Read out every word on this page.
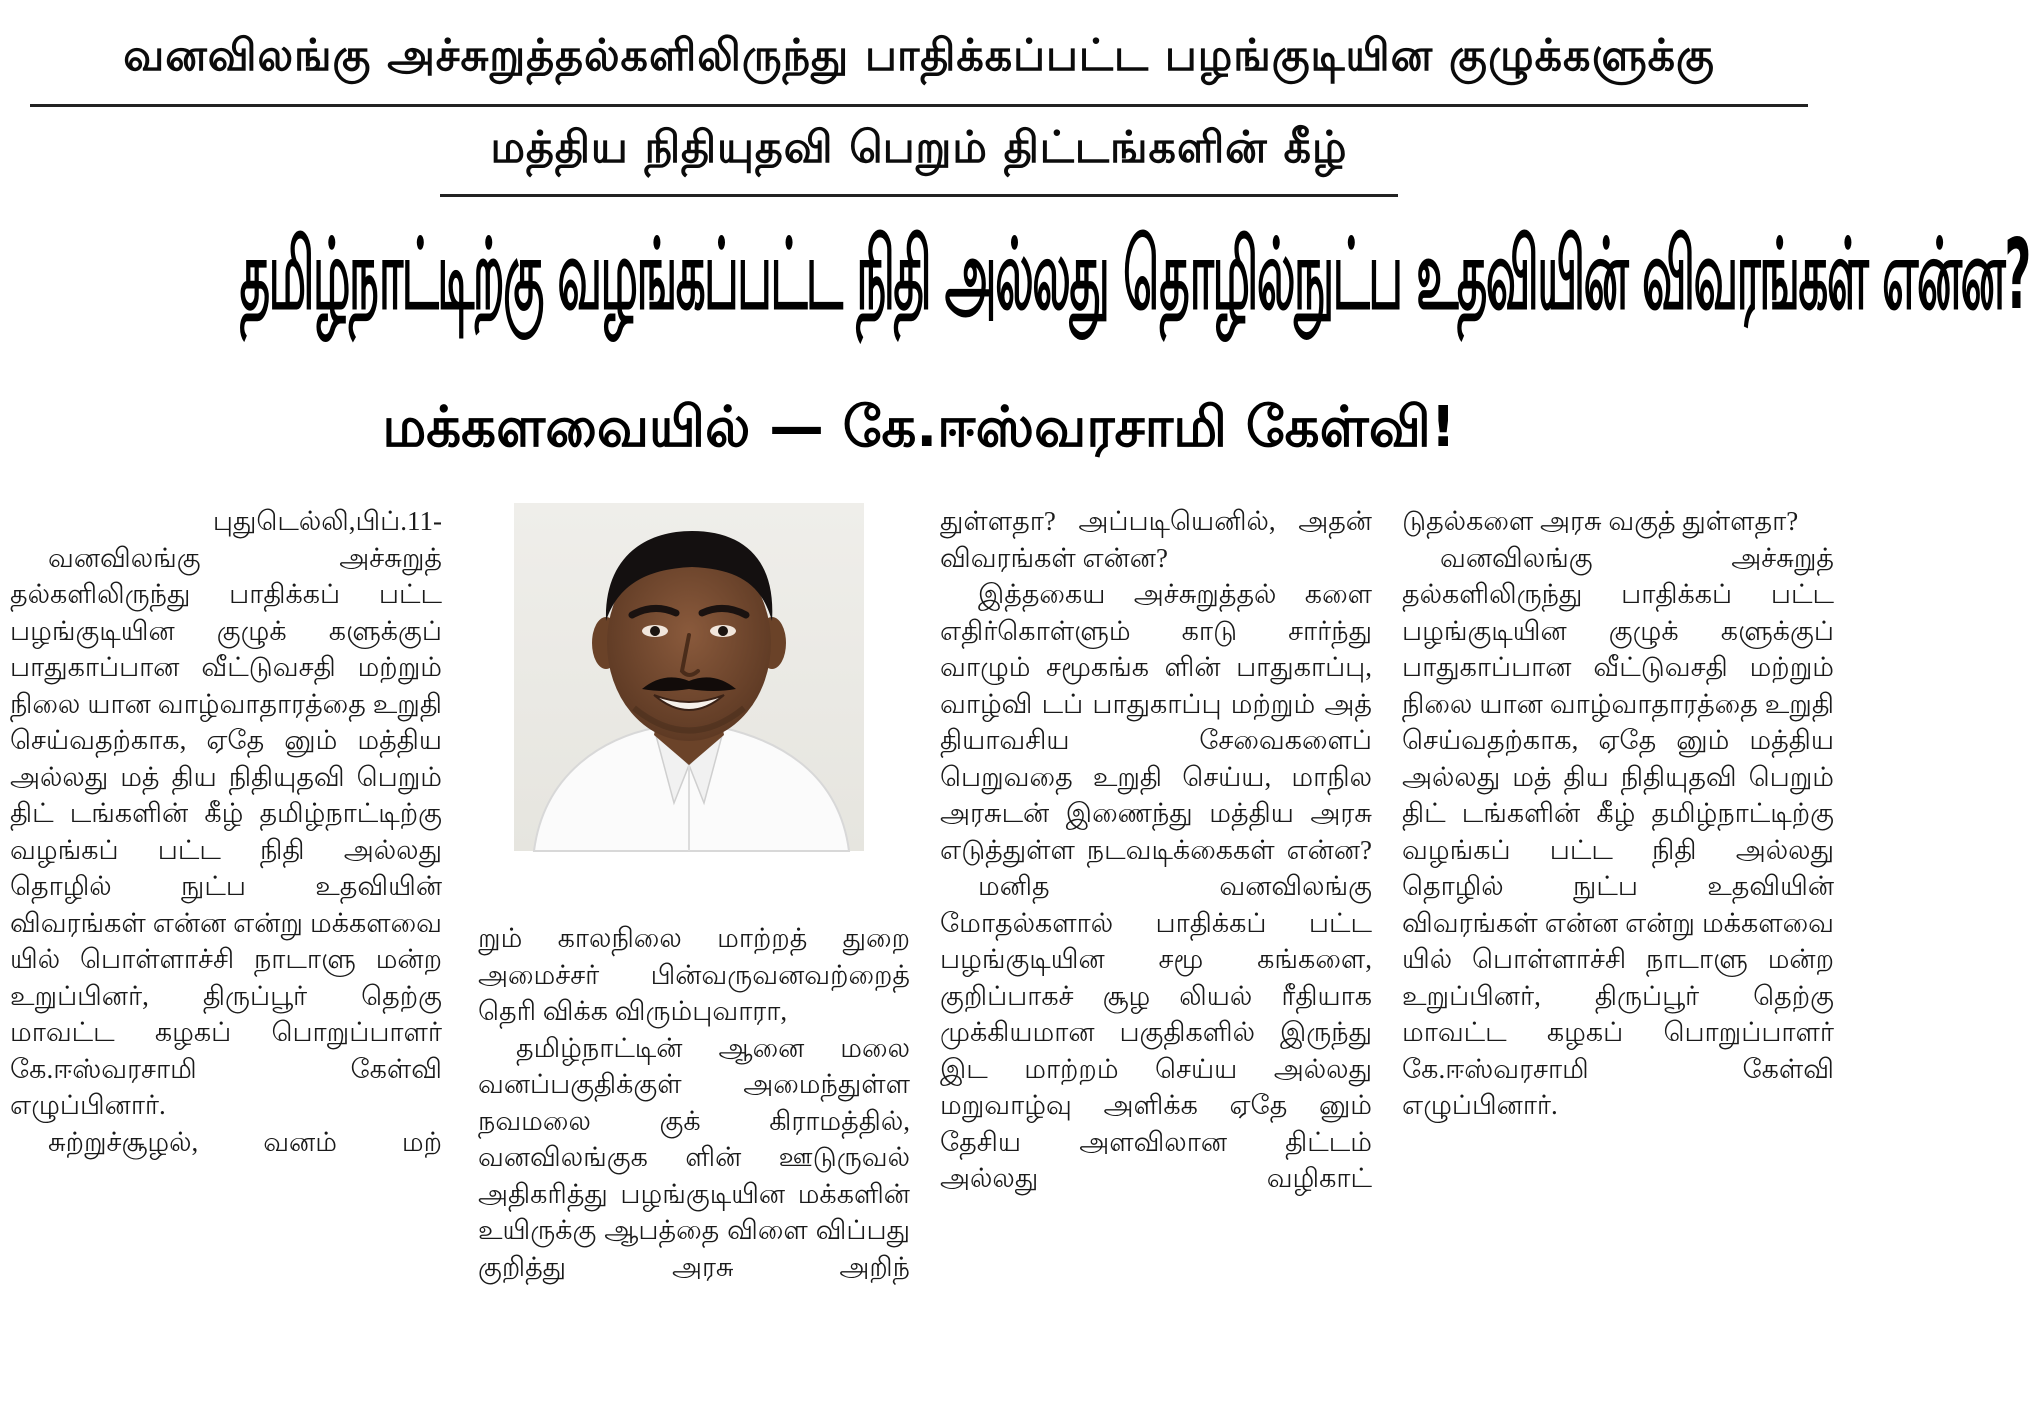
வனவிலங்கு அச்சுறுத்தல்களிலிருந்து பாதிக்கப்பட்ட பழங்குடியின குழுக்களுக்கு
மத்திய நிதியுதவி பெறும் திட்டங்களின் கீழ்
தமிழ்நாட்டிற்கு வழங்கப்பட்ட நிதி அல்லது தொழில்நுட்ப உதவியின் விவரங்கள் என்ன?
மக்களவையில் — கே.ஈஸ்வரசாமி கேள்வி!

புதுடெல்லி,பிப்.11-

வனவிலங்கு அச்சுறுத் தல்களிலிருந்து பாதிக்கப் பட்ட பழங்குடியின குழுக் களுக்குப் பாதுகாப்பான வீட்டுவசதி மற்றும் நிலை யான வாழ்வாதாரத்தை உறுதி செய்வதற்காக, ஏதே னும் மத்திய அல்லது மத் திய நிதியுதவி பெறும் திட் டங்களின் கீழ் தமிழ்நாட்டிற்கு வழங்கப் பட்ட நிதி அல்லது தொழில் நுட்ப உதவியின் விவரங்கள் என்ன என்று மக்களவை யில் பொள்ளாச்சி நாடாளு மன்ற உறுப்பினர், திருப்பூர் தெற்கு மாவட்ட கழகப் பொறுப்பாளர் கே.ஈஸ்வரசாமி கேள்வி எழுப்பினார்.

சுற்றுச்சூழல், வனம் மற்

றும் காலநிலை மாற்றத் துறை அமைச்சர் பின்வருவனவற்றைத் தெரி விக்க விரும்புவாரா,

தமிழ்நாட்டின் ஆனை மலை வனப்பகுதிக்குள் அமைந்துள்ள நவமலை குக் கிராமத்தில், வனவிலங்குக ளின் ஊடுருவல் அதிகரித்து பழங்குடியின மக்களின் உயிருக்கு ஆபத்தை விளை விப்பது குறித்து அரசு அறிந்

துள்ளதா? அப்படியெனில், அதன் விவரங்கள் என்ன?

இத்தகைய அச்சுறுத்தல் களை எதிர்கொள்ளும் காடு சார்ந்து வாழும் சமூகங்க ளின் பாதுகாப்பு, வாழ்வி டப் பாதுகாப்பு மற்றும் அத் தியாவசிய சேவைகளைப் பெறுவதை உறுதி செய்ய, மாநில அரசுடன் இணைந்து மத்திய அரசு எடுத்துள்ள நடவடிக்கைகள் என்ன?

மனித வனவிலங்கு மோதல்களால் பாதிக்கப் பட்ட பழங்குடியின சமூ கங்களை, குறிப்பாகச் சூழ லியல் ரீதியாக முக்கியமான பகுதிகளில் இருந்து இட மாற்றம் செய்ய அல்லது மறுவாழ்வு அளிக்க ஏதே னும் தேசிய அளவிலான திட்டம் அல்லது வழிகாட்

டுதல்களை அரசு வகுத் துள்ளதா?

வனவிலங்கு அச்சுறுத் தல்களிலிருந்து பாதிக்கப் பட்ட பழங்குடியின குழுக் களுக்குப் பாதுகாப்பான வீட்டுவசதி மற்றும் நிலை யான வாழ்வாதாரத்தை உறுதி செய்வதற்காக, ஏதே னும் மத்திய அல்லது மத் திய நிதியுதவி பெறும் திட் டங்களின் கீழ் தமிழ்நாட்டிற்கு வழங்கப் பட்ட நிதி அல்லது தொழில் நுட்ப உதவியின் விவரங்கள் என்ன என்று மக்களவை யில் பொள்ளாச்சி நாடாளு மன்ற உறுப்பினர், திருப்பூர் தெற்கு மாவட்ட கழகப் பொறுப்பாளர் கே.ஈஸ்வரசாமி கேள்வி எழுப்பினார்.
